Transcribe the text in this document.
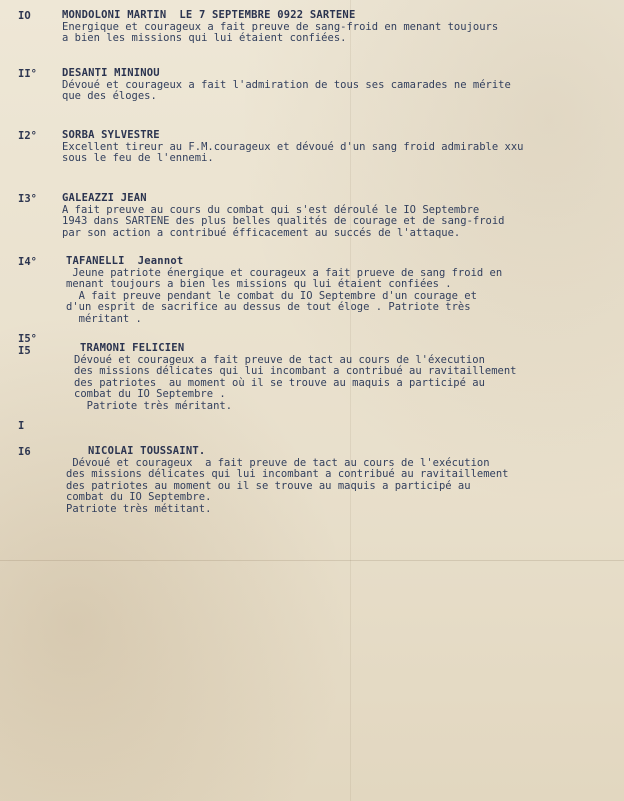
IO	MONDOLONI MARTIN  LE 7 SEPTEMBRE 0922 SARTENE
Energique et courageux a fait preuve de sang-froid en menant toujours
a bien les missions qui lui étaient confiées.
II° DESANTI MININOU
Dévoué et courageux a fait l'admiration de tous ses camarades ne mérite
que des éloges.
I2° SORBA SYLVESTRE
Excellent tireur au F.M.courageux et dévoué d'un sang froid admirable xxu
sous le feu de l'ennemi.
I3° GALEAZZI JEAN
A fait preuve au cours du combat qui s'est déroulé le IO Septembre
1943 dans SARTENE des plus belles qualités de courage et de sang-froid
par son action a contribué éfficacement au succés de l'attaque.
I4°	TAFANELLI  Jeannot
Jeune patriote énergique et courageux a fait prueve de sang froid en
menant toujours a bien les missions qu lui étaient confiées .
A fait preuve pendant le combat du IO Septembre d'un courage et
d'un esprit de sacrifice au dessus de tout éloge . Patriote très
méritant .
I5°
I5	TRAMONI FELICIEN
Dévoué et courageux a fait preuve de tact au cours de l'éxecution
des missions délicates qui lui incombant a contribué au ravitaillement
des patriotes  au moment où il se trouve au maquis a participé au
combat du IO Septembre .
Patriote très méritant.
I
I6	NICOLAI TOUSSAINT.
Dévoué et courageux  a fait preuve de tact au cours de l'exécution
des missions délicates qui lui incombant a contribué au ravitaillement
des patriotes au moment ou il se trouve au maquis a participé au
combat du IO Septembre.
Patriote très métitant.
